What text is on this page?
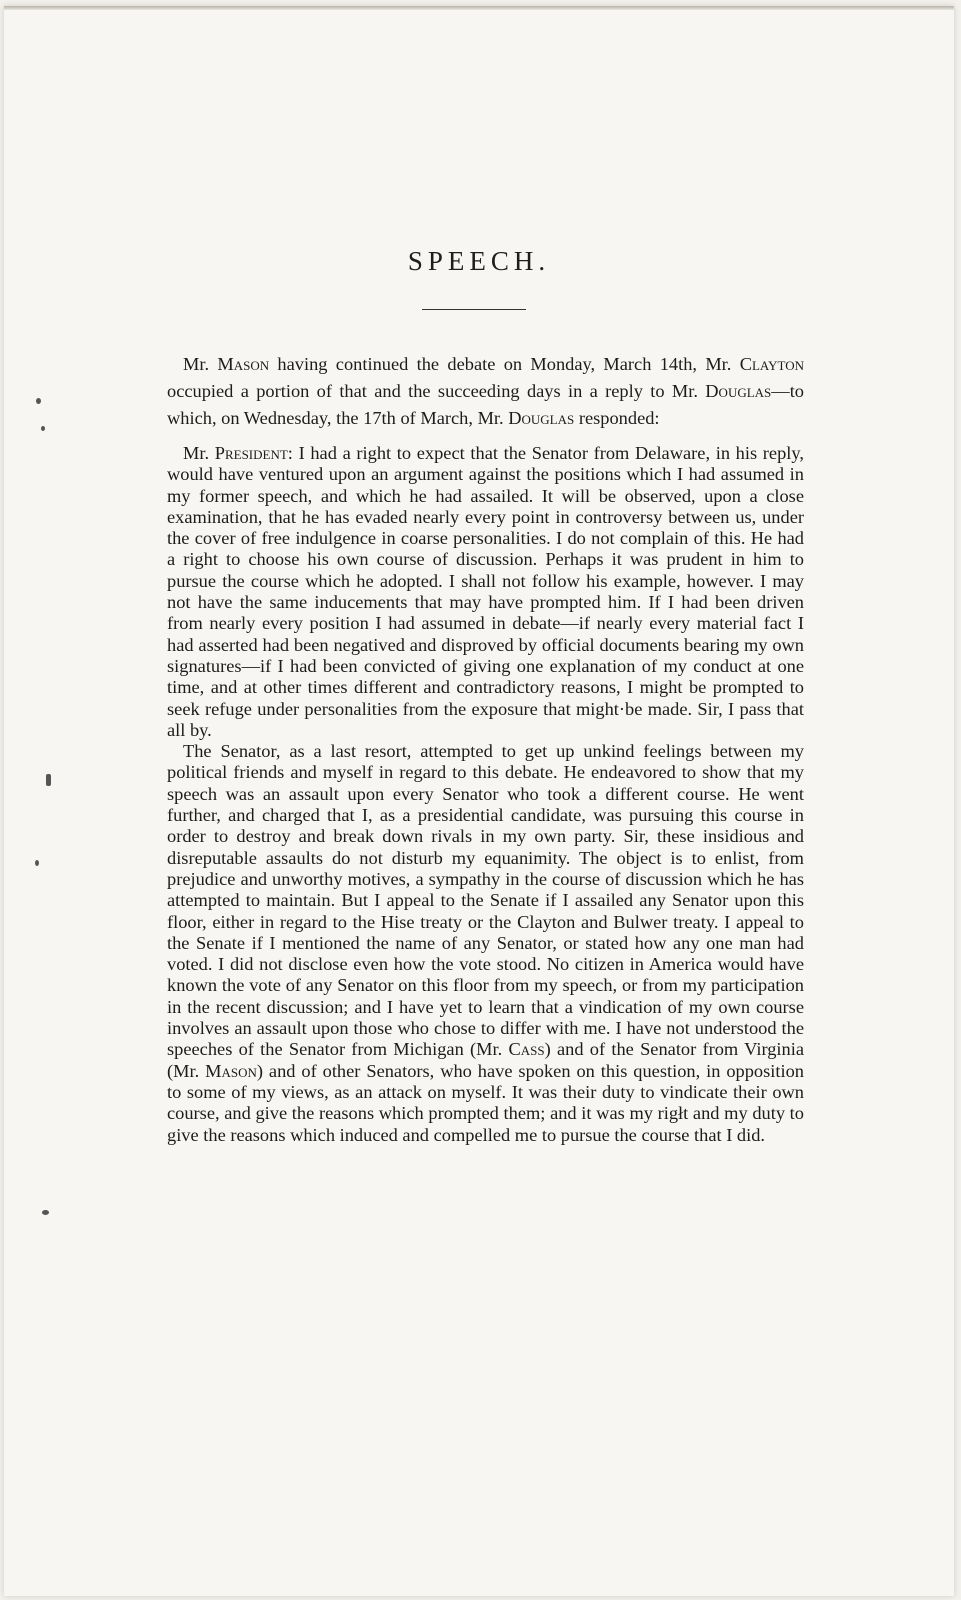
SPEECH.

Mr. Mason having continued the debate on Monday, March 14th, Mr. Clayton occupied a portion of that and the succeeding days in a reply to Mr. Douglas—to which, on Wednesday, the 17th of March, Mr. Douglas responded:

Mr. President: I had a right to expect that the Senator from Delaware, in his reply, would have ventured upon an argument against the positions which I had assumed in my former speech, and which he had assailed. It will be observed, upon a close examination, that he has evaded nearly every point in controversy between us, under the cover of free indulgence in coarse personalities. I do not complain of this. He had a right to choose his own course of discussion. Perhaps it was prudent in him to pursue the course which he adopted. I shall not follow his example, however. I may not have the same inducements that may have prompted him. If I had been driven from nearly every position I had assumed in debate—if nearly every material fact I had asserted had been negatived and disproved by official documents bearing my own signatures—if I had been convicted of giving one explanation of my conduct at one time, and at other times different and contradictory reasons, I might be prompted to seek refuge under personalities from the exposure that might·be made. Sir, I pass that all by.

The Senator, as a last resort, attempted to get up unkind feelings between my political friends and myself in regard to this debate. He endeavored to show that my speech was an assault upon every Senator who took a different course. He went further, and charged that I, as a presidential candidate, was pursuing this course in order to destroy and break down rivals in my own party. Sir, these insidious and disreputable assaults do not disturb my equanimity. The object is to enlist, from prejudice and unworthy motives, a sympathy in the course of discussion which he has attempted to maintain. But I appeal to the Senate if I assailed any Senator upon this floor, either in regard to the Hise treaty or the Clayton and Bulwer treaty. I appeal to the Senate if I mentioned the name of any Senator, or stated how any one man had voted. I did not disclose even how the vote stood. No citizen in America would have known the vote of any Senator on this floor from my speech, or from my participation in the recent discussion; and I have yet to learn that a vindication of my own course involves an assault upon those who chose to differ with me. I have not understood the speeches of the Senator from Michigan (Mr. Cass) and of the Senator from Virginia (Mr. Mason) and of other Senators, who have spoken on this question, in opposition to some of my views, as an attack on myself. It was their duty to vindicate their own course, and give the reasons which prompted them; and it was my rigłt and my duty to give the reasons which induced and compelled me to pursue the course that I did.
